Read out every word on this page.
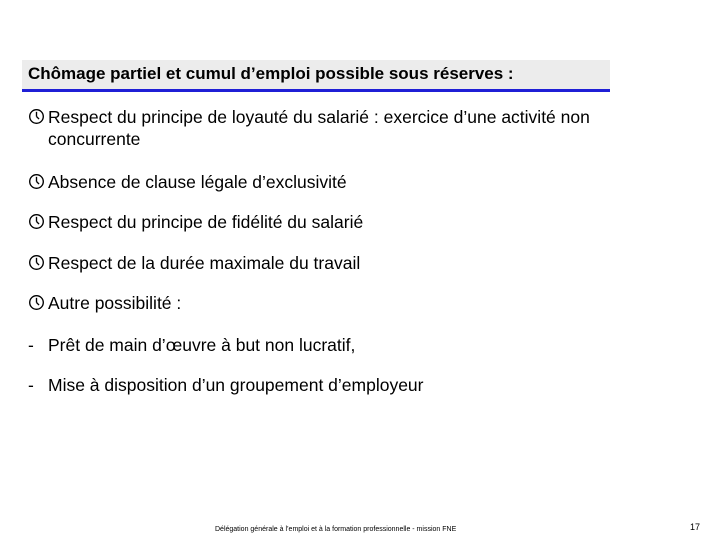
Chômage partiel et cumul d’emploi possible sous réserves :
Respect du principe de loyauté du salarié : exercice d’une activité non concurrente
Absence de clause légale d’exclusivité
Respect du principe de fidélité du salarié
Respect de la durée maximale du travail
Autre possibilité :
- Prêt de main d’œuvre à but non lucratif,
- Mise à disposition d’un groupement d’employeur
Délégation générale à l’emploi et à la formation professionnelle - mission FNE	17
